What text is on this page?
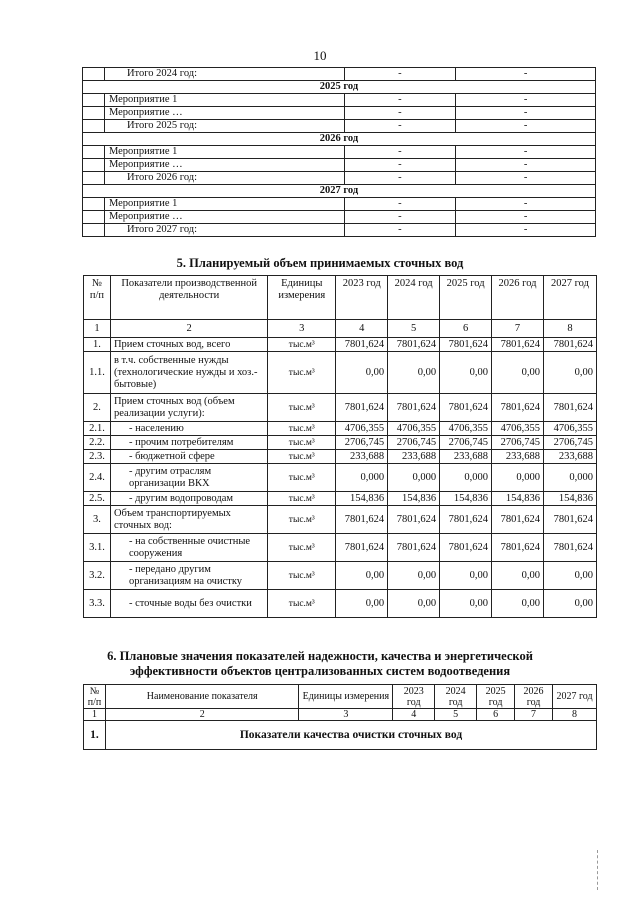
10
	Итого 2024 год:	-	-
2025 год			
	Мероприятие 1	-	-
	Мероприятие …	-	-
	Итого 2025 год:	-	-
2026 год			
	Мероприятие 1	-	-
	Мероприятие …	-	-
	Итого 2026 год:	-	-
2027 год			
	Мероприятие 1	-	-
	Мероприятие …	-	-
	Итого 2027 год:	-	-
5. Планируемый объем принимаемых сточных вод
№ п/п	Показатели производственной деятельности	Единицы измерения	2023 год	2024 год	2025 год	2026 год	2027 год
1	2	3	4	5	6	7	8
1.	Прием сточных вод, всего	тыс.м³	7801,624	7801,624	7801,624	7801,624	7801,624
1.1.	в т.ч. собственные нужды (технологические нужды и хоз.-бытовые)	тыс.м³	0,00	0,00	0,00	0,00	0,00
2.	Прием сточных вод (объем реализации услуги):	тыс.м³	7801,624	7801,624	7801,624	7801,624	7801,624
2.1.	- населению	тыс.м³	4706,355	4706,355	4706,355	4706,355	4706,355
2.2.	- прочим потребителям	тыс.м³	2706,745	2706,745	2706,745	2706,745	2706,745
2.3.	- бюджетной сфере	тыс.м³	233,688	233,688	233,688	233,688	233,688
2.4.	- другим отраслям организации ВКХ	тыс.м³	0,000	0,000	0,000	0,000	0,000
2.5.	- другим водопроводам	тыс.м³	154,836	154,836	154,836	154,836	154,836
3.	Объем транспортируемых сточных вод:	тыс.м³	7801,624	7801,624	7801,624	7801,624	7801,624
3.1.	- на собственные очистные сооружения	тыс.м³	7801,624	7801,624	7801,624	7801,624	7801,624
3.2.	- передано другим организациям на очистку	тыс.м³	0,00	0,00	0,00	0,00	0,00
3.3.	- сточные воды без очистки	тыс.м³	0,00	0,00	0,00	0,00	0,00
6. Плановые значения показателей надежности, качества и энергетической
эффективности объектов централизованных систем водоотведения
№ п/п	Наименование показателя	Единицы измерения	2023 год	2024 год	2025 год	2026 год	2027 год
1	2	3	4	5	6	7	8
1.	Показатели качества очистки сточных вод						
